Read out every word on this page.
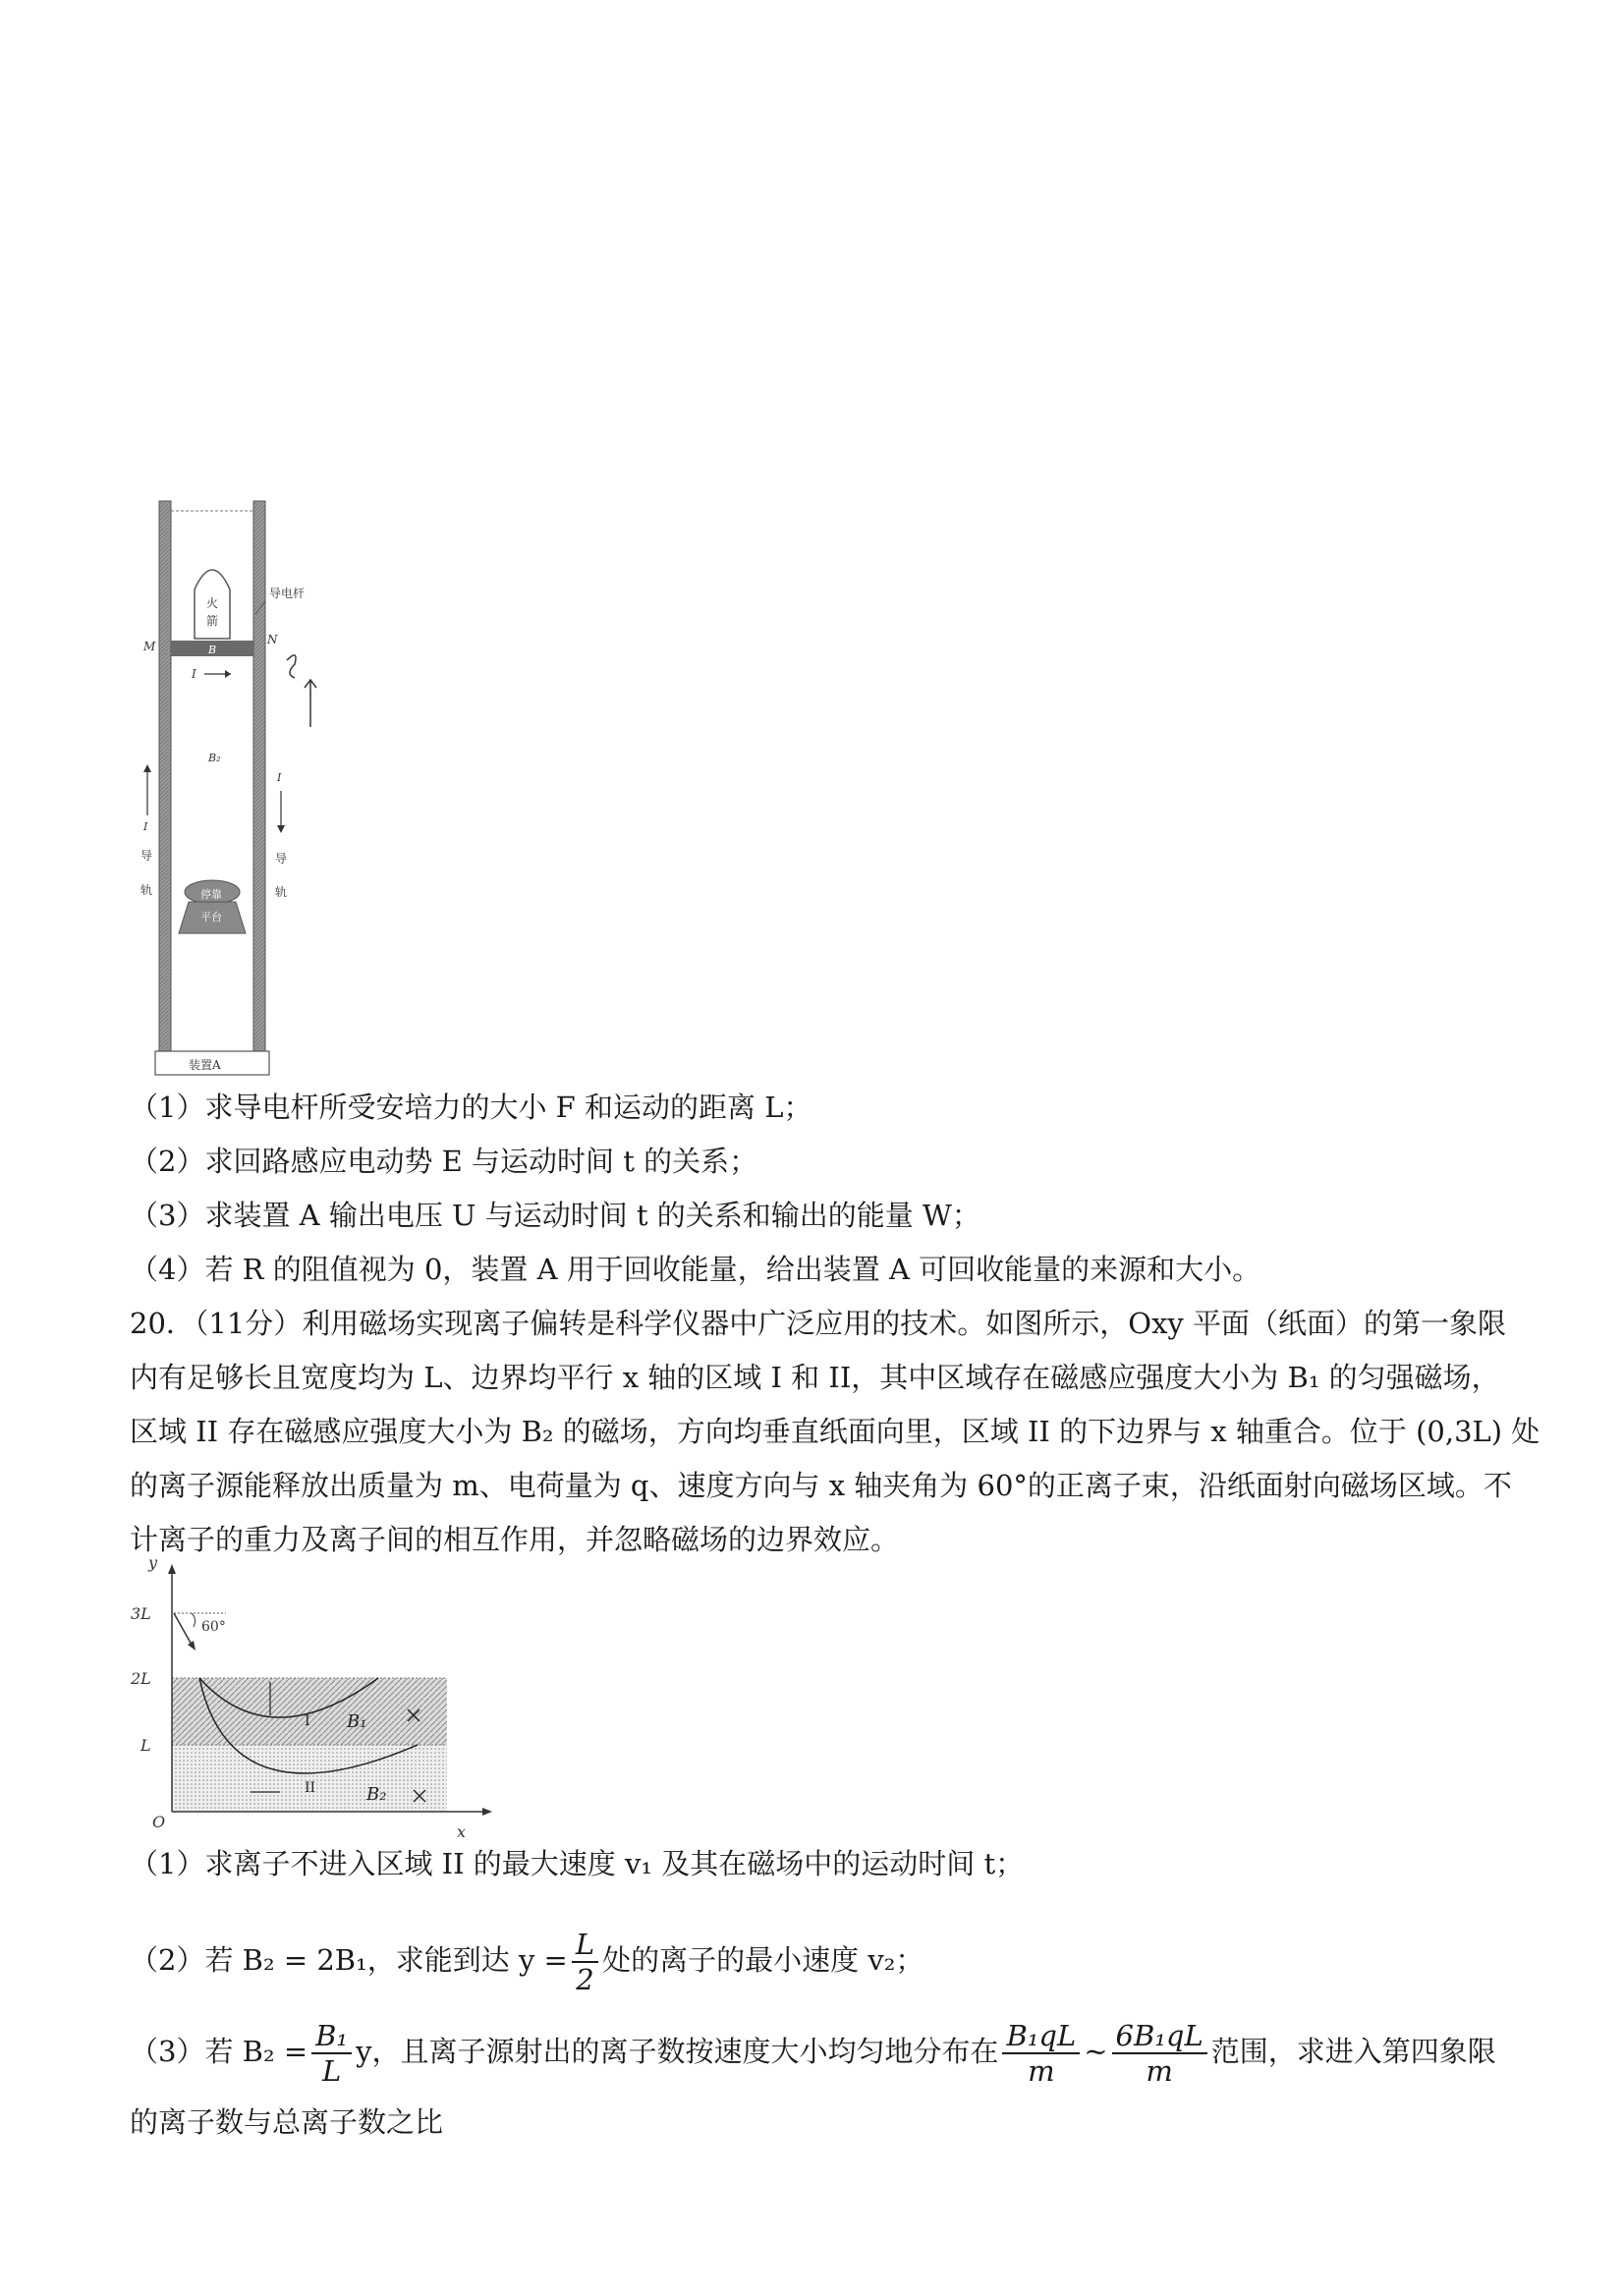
火
箭
B
M	N
导电杆
I
B₂
I
导
轨
I
导
轨
停靠
平台
装置A
（1）求导电杆所受安培力的大小 F 和运动的距离 L；
（2）求回路感应电动势 E 与运动时间 t 的关系；
（3）求装置 A 输出电压 U 与运动时间 t 的关系和输出的能量 W；
（4）若 R 的阻值视为 0，装置 A 用于回收能量，给出装置 A 可回收能量的来源和大小。
20．（11分）利用磁场实现离子偏转是科学仪器中广泛应用的技术。如图所示，Oxy 平面（纸面）的第一象限
内有足够长且宽度均为 L、边界均平行 x 轴的区域 I 和 II，其中区域存在磁感应强度大小为 B₁ 的匀强磁场，
区域 II 存在磁感应强度大小为 B₂ 的磁场，方向均垂直纸面向里，区域 II 的下边界与 x 轴重合。位于 (0,3L) 处
的离子源能释放出质量为 m、电荷量为 q、速度方向与 x 轴夹角为 60°的正离子束，沿纸面射向磁场区域。不
计离子的重力及离子间的相互作用，并忽略磁场的边界效应。
y
x
O
3L
2L
L
60°
I
II
B₁
B₂
（1）求离子不进入区域 II 的最大速度 v₁ 及其在磁场中的运动时间 t；
（2）若 B₂ = 2B₁，求能到达 $y = \frac{L}{2}$ 处的离子的最小速度 v₂；
（3）若 $B_2 = \frac{\text{B₁}}{L}$ y，且离子源射出的离子数按速度大小均匀地分布在 $\frac{\text{B₁qL}}{m}$ ~ $\frac{\text{6B₁qL}}{m}$ 范围，求进入第四象限
的离子数与总离子数之比
